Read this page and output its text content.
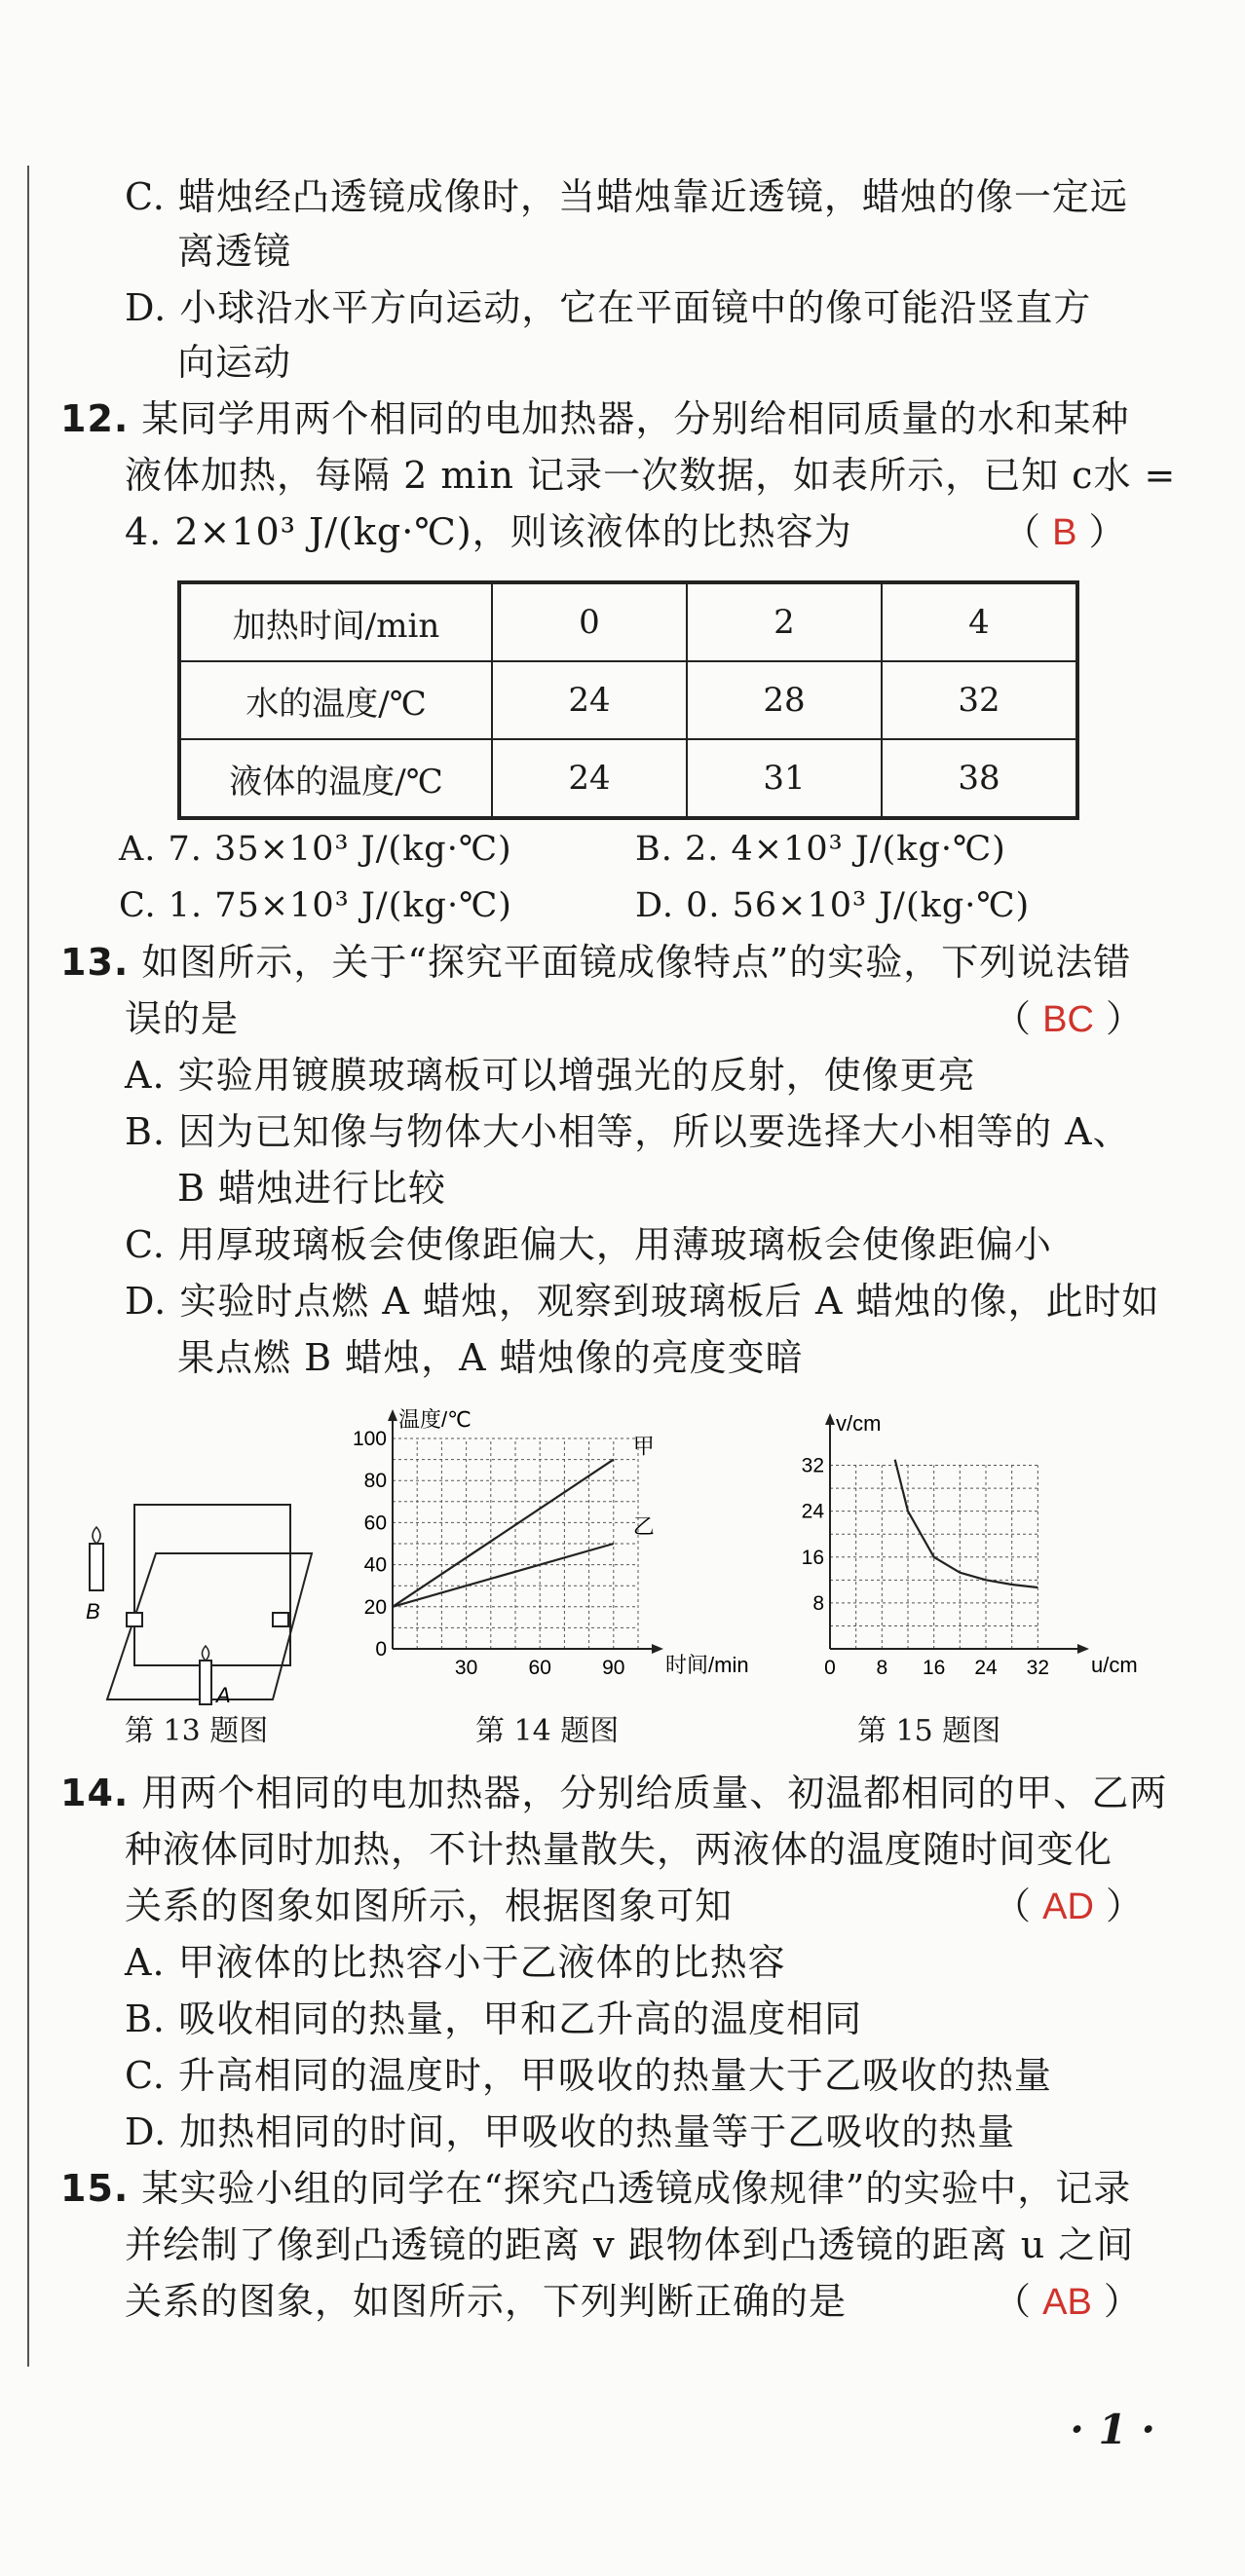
C. 蜡烛经凸透镜成像时，当蜡烛靠近透镜，蜡烛的像一定远
离透镜
D. 小球沿水平方向运动，它在平面镜中的像可能沿竖直方
向运动
12. 某同学用两个相同的电加热器，分别给相同质量的水和某种
液体加热，每隔 2 min 记录一次数据，如表所示，已知 c水 =
4. 2×10³ J/(kg·℃)，则该液体的比热容为	（ B ）
加热时间/min	0	2	4
水的温度/℃	24	28	32
液体的温度/℃	24	31	38
A. 7. 35×10³ J/(kg·℃)	B. 2. 4×10³ J/(kg·℃)
C. 1. 75×10³ J/(kg·℃)	D. 0. 56×10³ J/(kg·℃)
13. 如图所示，关于“探究平面镜成像特点”的实验，下列说法错
误的是	（ BC ）
A. 实验用镀膜玻璃板可以增强光的反射，使像更亮
B. 因为已知像与物体大小相等，所以要选择大小相等的 A、
B 蜡烛进行比较
C. 用厚玻璃板会使像距偏大，用薄玻璃板会使像距偏小
D. 实验时点燃 A 蜡烛，观察到玻璃板后 A 蜡烛的像，此时如
果点燃 B 蜡烛，A 蜡烛像的亮度变暗
A
B
第 13 题图
30 60 90
0
20
40
60
80
100
温度/℃
时间/min
甲
乙
第 14 题图
0 8 16 24 32
8
16
24
32
v/cm
u/cm
第 15 题图
14. 用两个相同的电加热器，分别给质量、初温都相同的甲、乙两
种液体同时加热，不计热量散失，两液体的温度随时间变化
关系的图象如图所示，根据图象可知	（ AD ）
A. 甲液体的比热容小于乙液体的比热容
B. 吸收相同的热量，甲和乙升高的温度相同
C. 升高相同的温度时，甲吸收的热量大于乙吸收的热量
D. 加热相同的时间，甲吸收的热量等于乙吸收的热量
15. 某实验小组的同学在“探究凸透镜成像规律”的实验中，记录
并绘制了像到凸透镜的距离 v 跟物体到凸透镜的距离 u 之间
关系的图象，如图所示，下列判断正确的是	（ AB ）
· 1 ·
